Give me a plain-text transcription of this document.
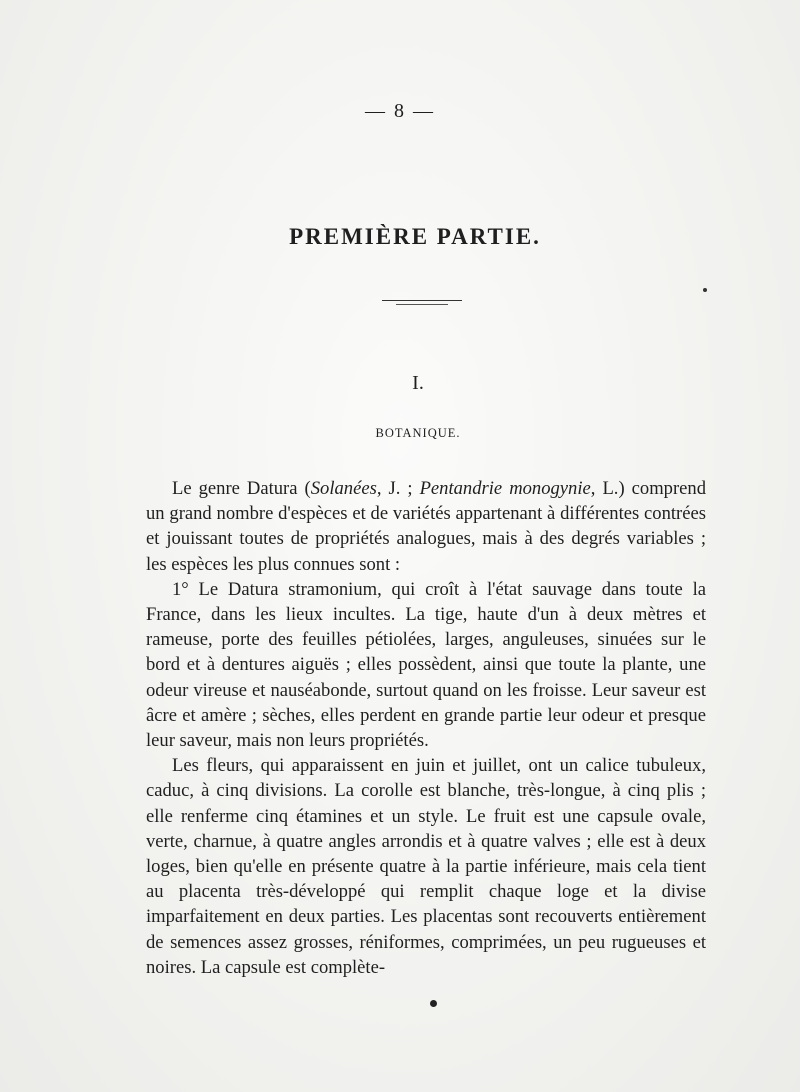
— 8 —
PREMIÈRE PARTIE.
I.
BOTANIQUE.

Le genre Datura (Solanées, J. ; Pentandrie monogynie, L.) comprend un grand nombre d'espèces et de variétés appartenant à différentes contrées et jouissant toutes de propriétés analogues, mais à des degrés variables ; les espèces les plus connues sont :

1° Le Datura stramonium, qui croît à l'état sauvage dans toute la France, dans les lieux incultes. La tige, haute d'un à deux mètres et rameuse, porte des feuilles pétiolées, larges, anguleuses, sinuées sur le bord et à dentures aiguës ; elles possèdent, ainsi que toute la plante, une odeur vireuse et nauséabonde, surtout quand on les froisse. Leur saveur est âcre et amère ; sèches, elles perdent en grande partie leur odeur et presque leur saveur, mais non leurs propriétés.

Les fleurs, qui apparaissent en juin et juillet, ont un calice tubuleux, caduc, à cinq divisions. La corolle est blanche, très-longue, à cinq plis ; elle renferme cinq étamines et un style. Le fruit est une capsule ovale, verte, charnue, à quatre angles arrondis et à quatre valves ; elle est à deux loges, bien qu'elle en présente quatre à la partie inférieure, mais cela tient au placenta très-développé qui remplit chaque loge et la divise imparfaitement en deux parties. Les placentas sont recouverts entièrement de semences assez grosses, réniformes, comprimées, un peu rugueuses et noires. La capsule est complète-
